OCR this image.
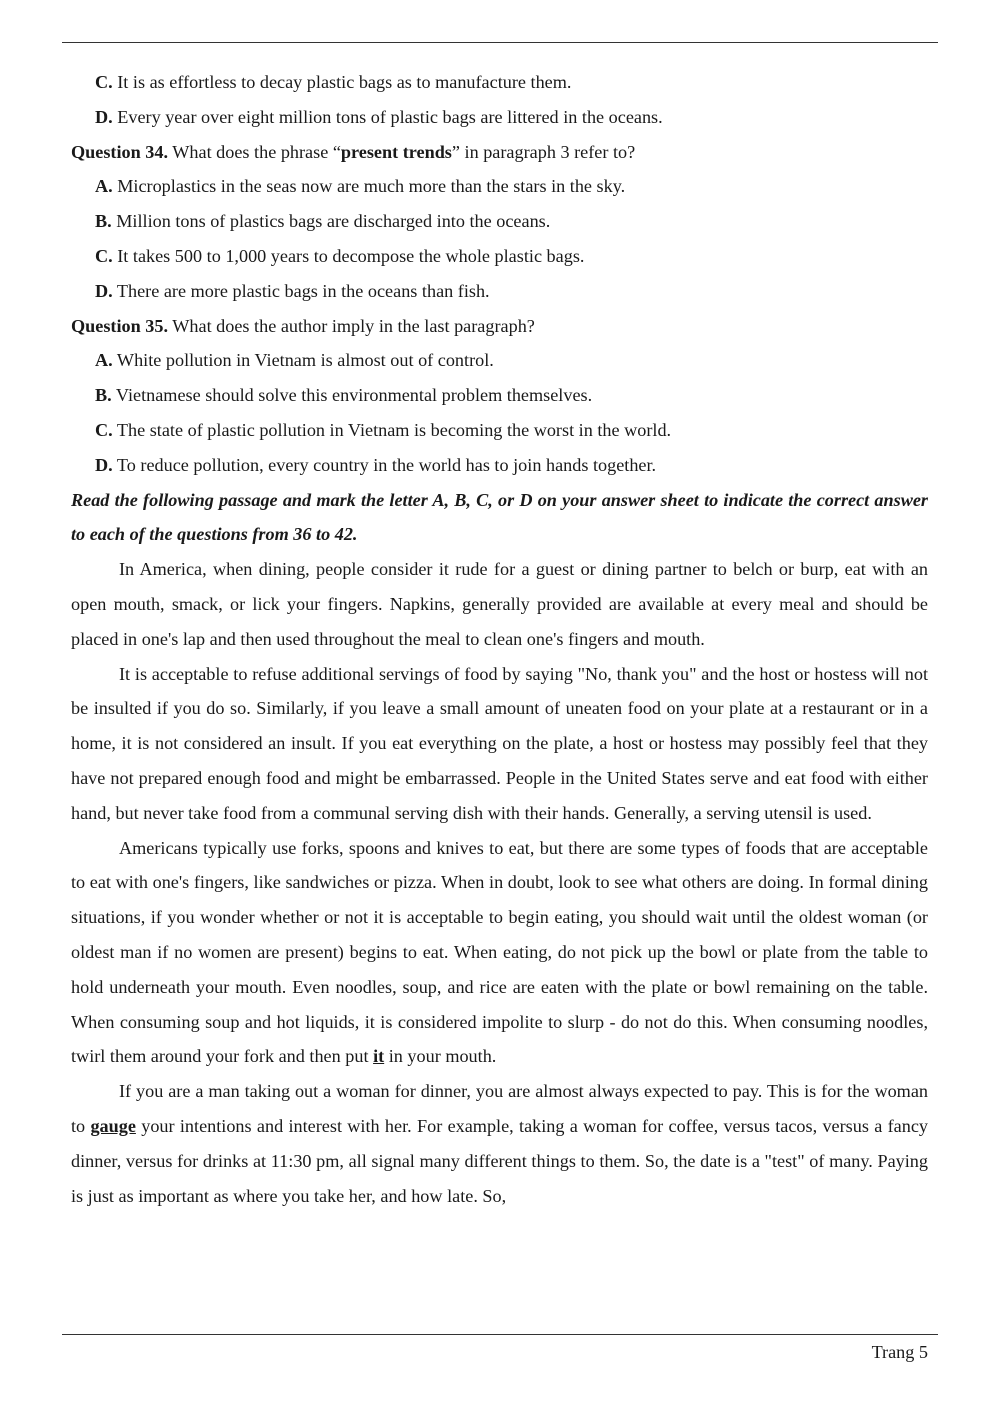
C. It is as effortless to decay plastic bags as to manufacture them.
D. Every year over eight million tons of plastic bags are littered in the oceans.
Question 34. What does the phrase “present trends” in paragraph 3 refer to?
A. Microplastics in the seas now are much more than the stars in the sky.
B. Million tons of plastics bags are discharged into the oceans.
C. It takes 500 to 1,000 years to decompose the whole plastic bags.
D. There are more plastic bags in the oceans than fish.
Question 35. What does the author imply in the last paragraph?
A. White pollution in Vietnam is almost out of control.
B. Vietnamese should solve this environmental problem themselves.
C. The state of plastic pollution in Vietnam is becoming the worst in the world.
D. To reduce pollution, every country in the world has to join hands together.
Read the following passage and mark the letter A, B, C, or D on your answer sheet to indicate the correct answer to each of the questions from 36 to 42.
In America, when dining, people consider it rude for a guest or dining partner to belch or burp, eat with an open mouth, smack, or lick your fingers. Napkins, generally provided are available at every meal and should be placed in one's lap and then used throughout the meal to clean one's fingers and mouth.
It is acceptable to refuse additional servings of food by saying "No, thank you" and the host or hostess will not be insulted if you do so. Similarly, if you leave a small amount of uneaten food on your plate at a restaurant or in a home, it is not considered an insult. If you eat everything on the plate, a host or hostess may possibly feel that they have not prepared enough food and might be embarrassed. People in the United States serve and eat food with either hand, but never take food from a communal serving dish with their hands. Generally, a serving utensil is used.
Americans typically use forks, spoons and knives to eat, but there are some types of foods that are acceptable to eat with one's fingers, like sandwiches or pizza. When in doubt, look to see what others are doing. In formal dining situations, if you wonder whether or not it is acceptable to begin eating, you should wait until the oldest woman (or oldest man if no women are present) begins to eat. When eating, do not pick up the bowl or plate from the table to hold underneath your mouth. Even noodles, soup, and rice are eaten with the plate or bowl remaining on the table. When consuming soup and hot liquids, it is considered impolite to slurp - do not do this. When consuming noodles, twirl them around your fork and then put it in your mouth.
If you are a man taking out a woman for dinner, you are almost always expected to pay. This is for the woman to gauge your intentions and interest with her. For example, taking a woman for coffee, versus tacos, versus a fancy dinner, versus for drinks at 11:30 pm, all signal many different things to them. So, the date is a "test" of many. Paying is just as important as where you take her, and how late. So,
Trang 5
